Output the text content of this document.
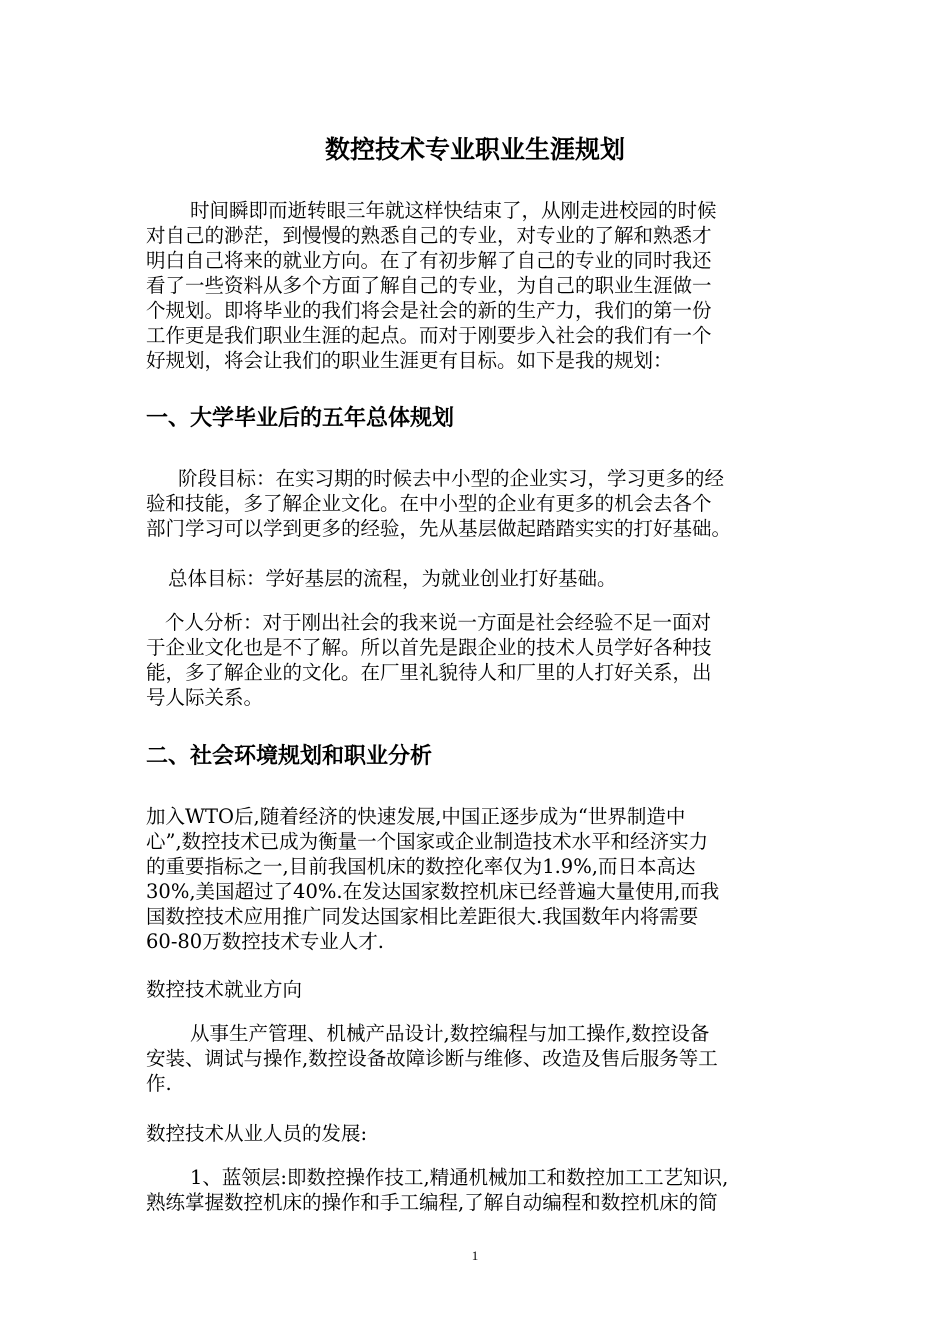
数控技术专业职业生涯规划
时间瞬即而逝转眼三年就这样快结束了，从刚走进校园的时候
对自己的渺茫，到慢慢的熟悉自己的专业，对专业的了解和熟悉才
明白自己将来的就业方向。在了有初步解了自己的专业的同时我还
看了一些资料从多个方面了解自己的专业，为自己的职业生涯做一
个规划。即将毕业的我们将会是社会的新的生产力，我们的第一份
工作更是我们职业生涯的起点。而对于刚要步入社会的我们有一个
好规划，将会让我们的职业生涯更有目标。如下是我的规划：
一、大学毕业后的五年总体规划
阶段目标：在实习期的时候去中小型的企业实习，学习更多的经
验和技能，多了解企业文化。在中小型的企业有更多的机会去各个
部门学习可以学到更多的经验，先从基层做起踏踏实实的打好基础。
总体目标：学好基层的流程，为就业创业打好基础。
个人分析：对于刚出社会的我来说一方面是社会经验不足一面对
于企业文化也是不了解。所以首先是跟企业的技术人员学好各种技
能，多了解企业的文化。在厂里礼貌待人和厂里的人打好关系，出
号人际关系。
二、社会环境规划和职业分析
加入WTO后,随着经济的快速发展,中国正逐步成为“世界制造中
心”,数控技术已成为衡量一个国家或企业制造技术水平和经济实力
的重要指标之一,目前我国机床的数控化率仅为1.9%,而日本高达
30%,美国超过了40%.在发达国家数控机床已经普遍大量使用,而我
国数控技术应用推广同发达国家相比差距很大.我国数年内将需要
60-80万数控技术专业人才.
数控技术就业方向
从事生产管理、机械产品设计,数控编程与加工操作,数控设备
安装、调试与操作,数控设备故障诊断与维修、改造及售后服务等工
作.
数控技术从业人员的发展:
1、蓝领层:即数控操作技工,精通机械加工和数控加工工艺知识,
熟练掌握数控机床的操作和手工编程,了解自动编程和数控机床的简
1
